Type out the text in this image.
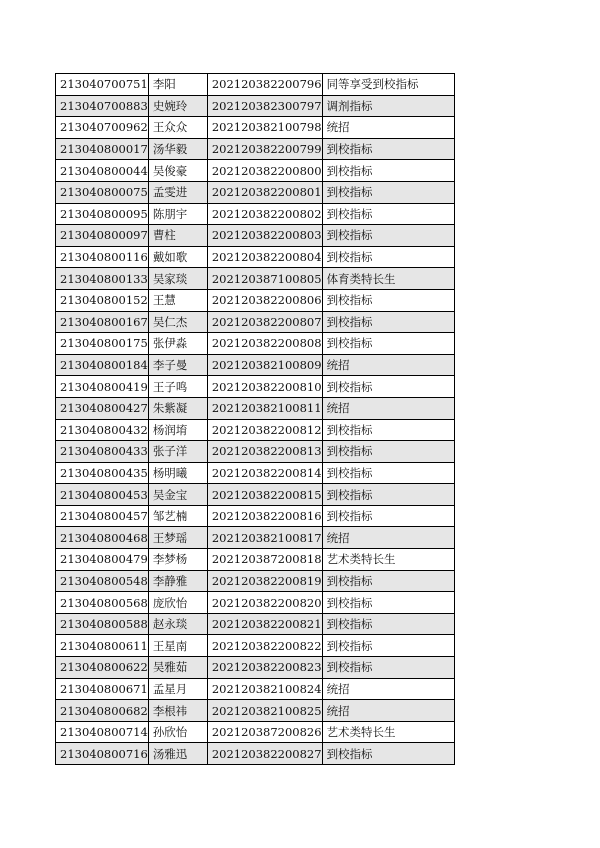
213040700751	李阳	202120382200796	同等享受到校指标
213040700883	史婉玲	202120382300797	调剂指标
213040700962	王众众	202120382100798	统招
213040800017	汤华毅	202120382200799	到校指标
213040800044	吴俊豪	202120382200800	到校指标
213040800075	孟雯进	202120382200801	到校指标
213040800095	陈朋宇	202120382200802	到校指标
213040800097	曹柱	202120382200803	到校指标
213040800116	戴如歌	202120382200804	到校指标
213040800133	吴家琰	202120387100805	体育类特长生
213040800152	王慧	202120382200806	到校指标
213040800167	吴仁杰	202120382200807	到校指标
213040800175	张伊淼	202120382200808	到校指标
213040800184	李子曼	202120382100809	统招
213040800419	王子鸣	202120382200810	到校指标
213040800427	朱紫凝	202120382100811	统招
213040800432	杨润堉	202120382200812	到校指标
213040800433	张子洋	202120382200813	到校指标
213040800435	杨明曦	202120382200814	到校指标
213040800453	吴金宝	202120382200815	到校指标
213040800457	邹艺楠	202120382200816	到校指标
213040800468	王梦瑶	202120382100817	统招
213040800479	李梦杨	202120387200818	艺术类特长生
213040800548	李静雅	202120382200819	到校指标
213040800568	庞欣怡	202120382200820	到校指标
213040800588	赵永琰	202120382200821	到校指标
213040800611	王星南	202120382200822	到校指标
213040800622	吴雅茹	202120382200823	到校指标
213040800671	孟星月	202120382100824	统招
213040800682	李根祎	202120382100825	统招
213040800714	孙欣怡	202120387200826	艺术类特长生
213040800716	汤雅迅	202120382200827	到校指标
